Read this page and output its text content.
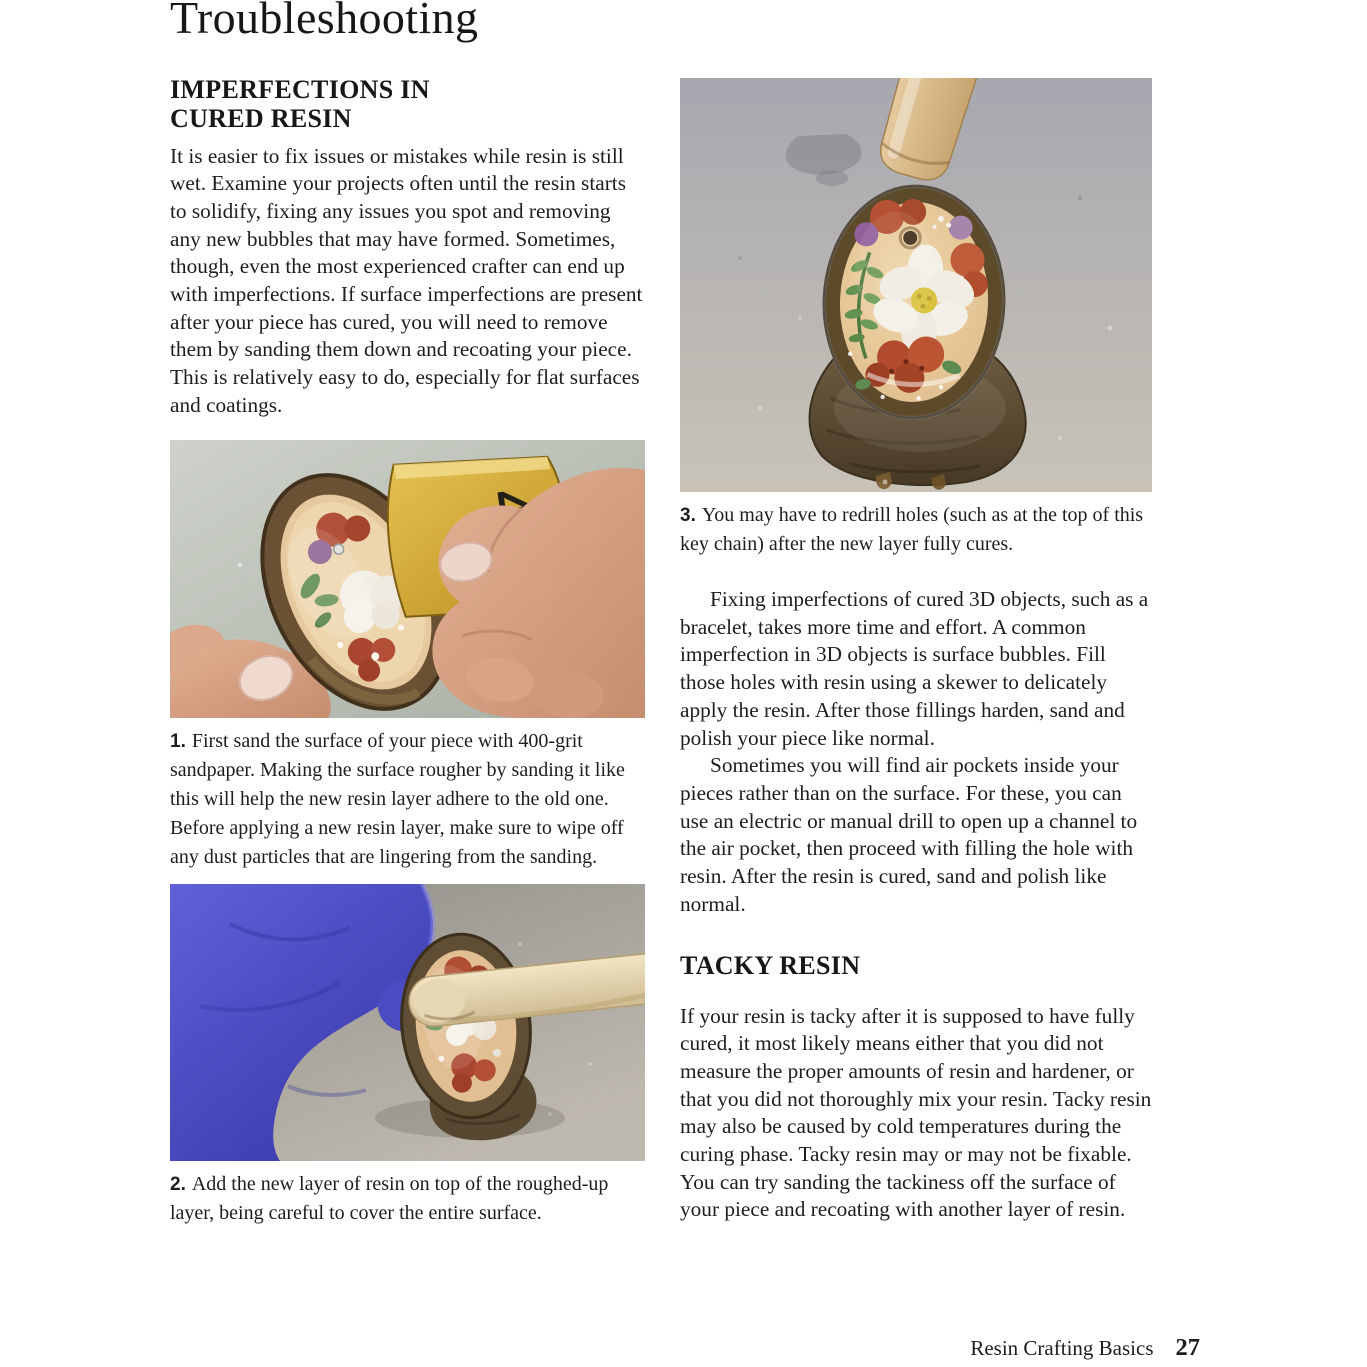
Troubleshooting
IMPERFECTIONS IN
CURED RESIN

It is easier to fix issues or mistakes while resin is still wet. Examine your projects often until the resin starts to solidify, fixing any issues you spot and removing any new bubbles that may have formed. Sometimes, though, even the most experienced crafter can end up with imperfections. If surface imperfections are present after your piece has cured, you will need to remove them by sanding them down and recoating your piece. This is relatively easy to do, especially for flat surfaces and coatings.

1. First sand the surface of your piece with 400-grit sandpaper. Making the surface rougher by sanding it like this will help the new resin layer adhere to the old one. Before applying a new resin layer, make sure to wipe off any dust particles that are lingering from the sanding.

2. Add the new layer of resin on top of the roughed-up layer, being careful to cover the entire surface.

3. You may have to redrill holes (such as at the top of this key chain) after the new layer fully cures.

Fixing imperfections of cured 3D objects, such as a bracelet, takes more time and effort. A common imperfection in 3D objects is surface bubbles. Fill those holes with resin using a skewer to delicately apply the resin. After those fillings harden, sand and polish your piece like normal.

Sometimes you will find air pockets inside your pieces rather than on the surface. For these, you can use an electric or manual drill to open up a channel to the air pocket, then proceed with filling the hole with resin. After the resin is cured, sand and polish like normal.

TACKY RESIN

If your resin is tacky after it is supposed to have fully cured, it most likely means either that you did not measure the proper amounts of resin and hardener, or that you did not thoroughly mix your resin. Tacky resin may also be caused by cold temperatures during the curing phase. Tacky resin may or may not be fixable. You can try sanding the tackiness off the surface of your piece and recoating with another layer of resin.

Resin Crafting Basics 27
